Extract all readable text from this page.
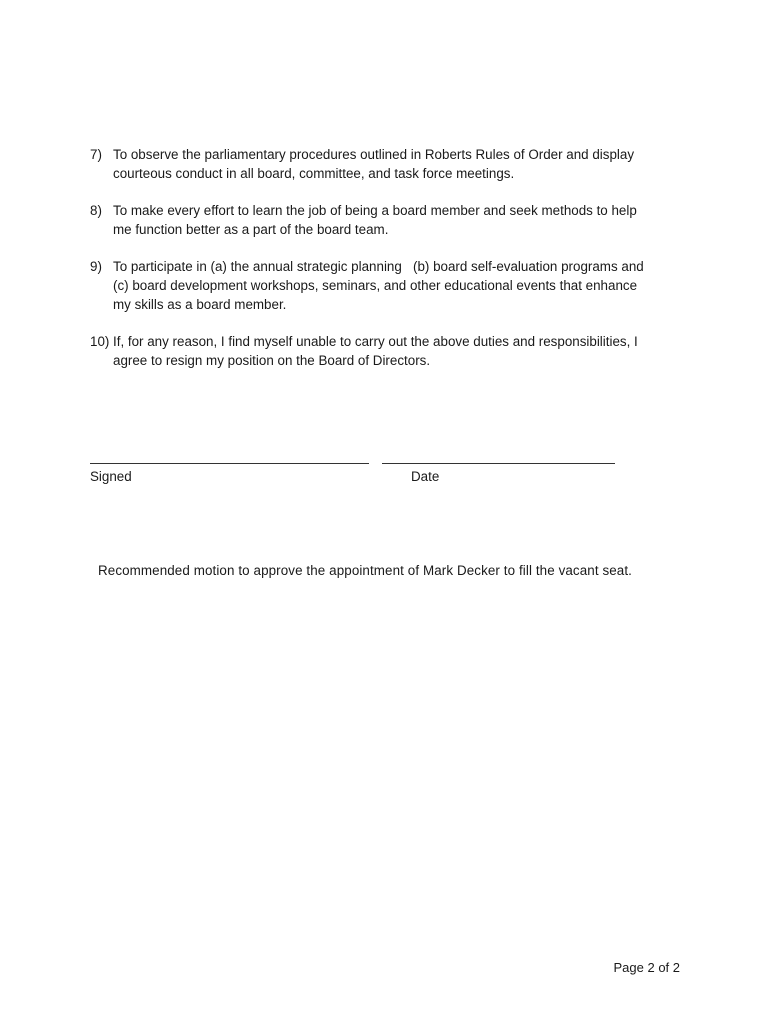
7) To observe the parliamentary procedures outlined in Roberts Rules of Order and display
courteous conduct in all board, committee, and task force meetings.
8) To make every effort to learn the job of being a board member and seek methods to help
me function better as a part of the board team.
9) To participate in (a) the annual strategic planning   (b) board self-evaluation programs and
(c) board development workshops, seminars, and other educational events that enhance
my skills as a board member.
10) If, for any reason, I find myself unable to carry out the above duties and responsibilities, I
agree to resign my position on the Board of Directors.
Signed	Date
Recommended motion to approve the appointment of Mark Decker to fill the vacant seat.
Page 2 of 2
